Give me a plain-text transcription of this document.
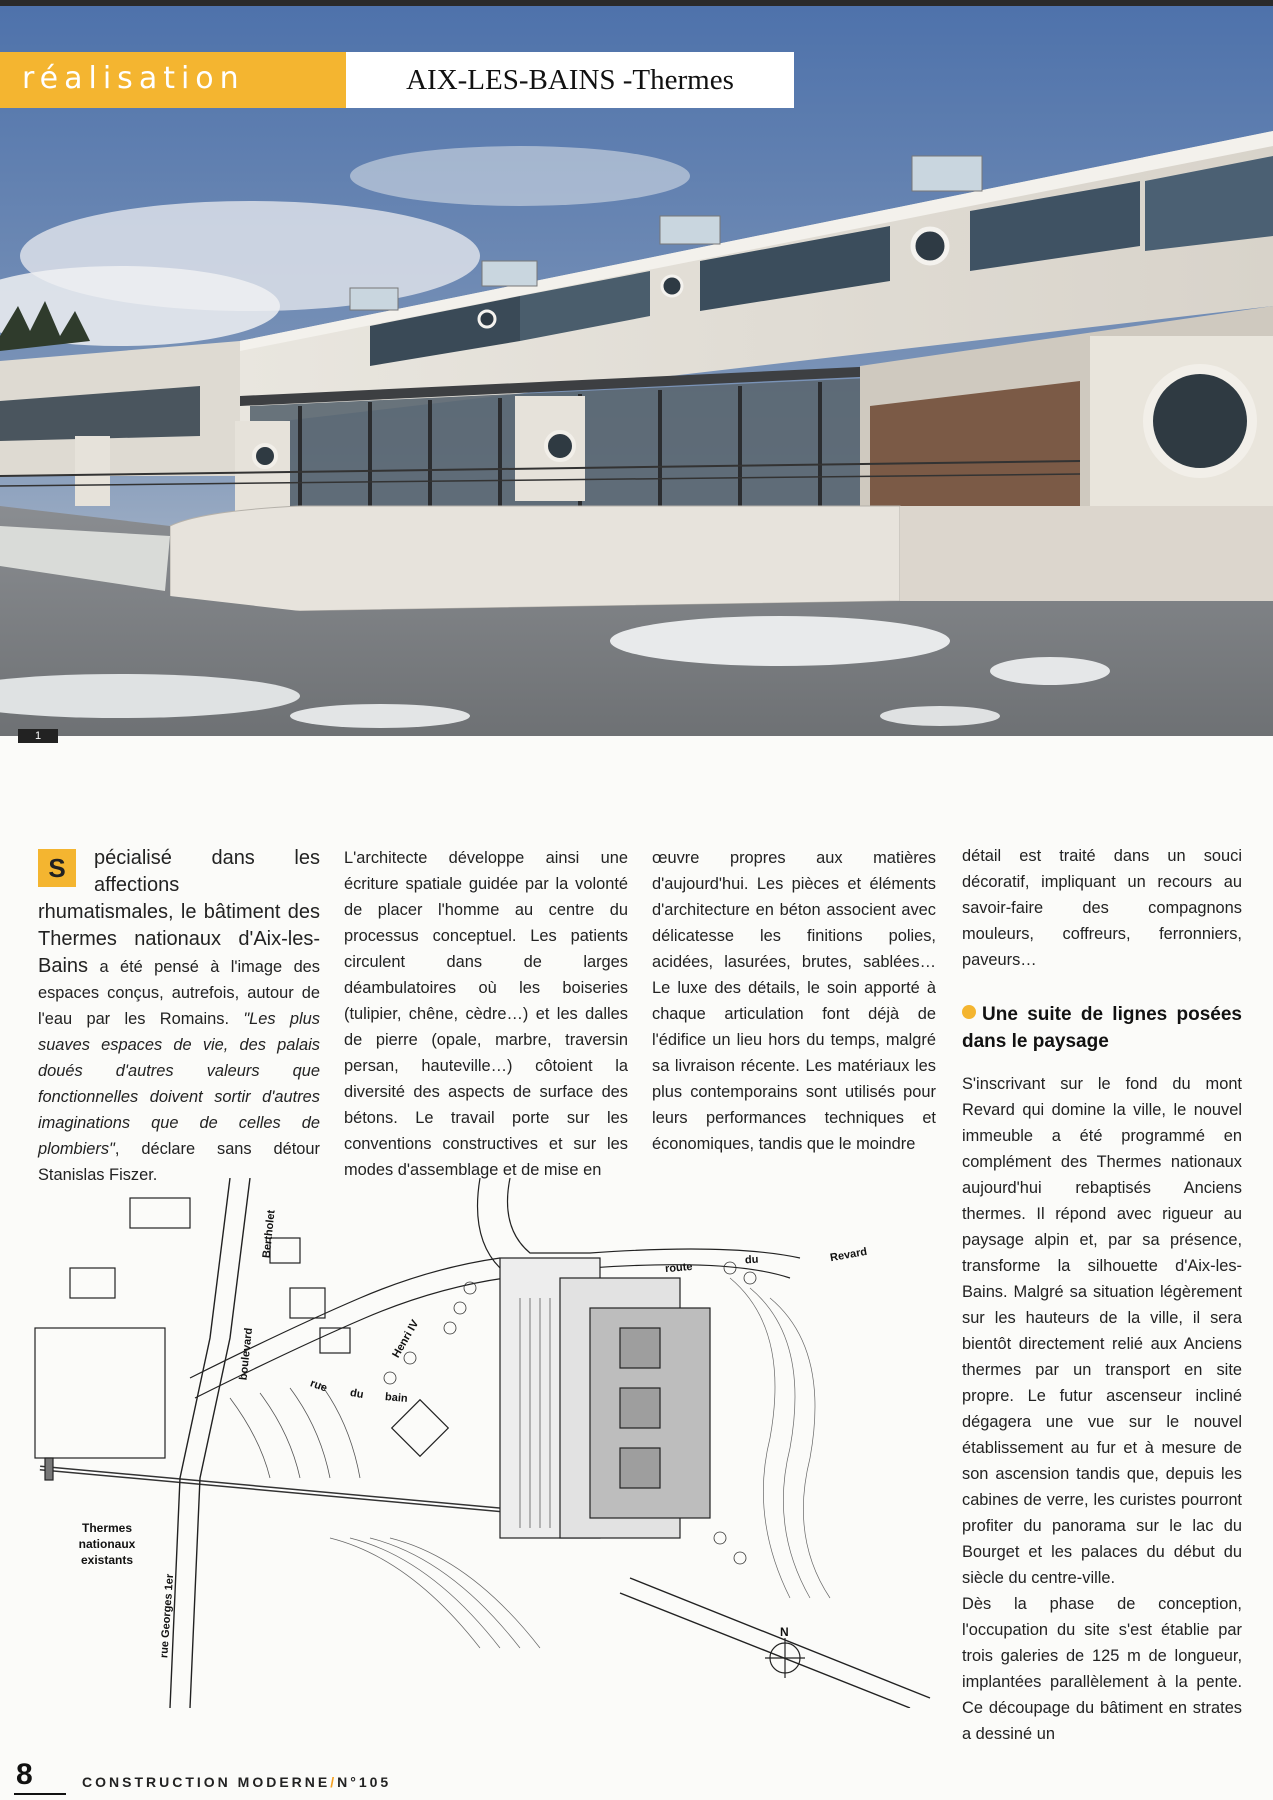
réalisation	AIX-LES-BAINS -Thermes
1

S	pécialisé dans les affections rhumatismales, le bâtiment des Thermes nationaux d'Aix-les-Bains a été pensé à l'image des espaces conçus, autrefois, autour de l'eau par les Romains. "Les plus suaves espaces de vie, des palais doués d'autres valeurs que fonctionnelles doivent sortir d'autres imaginations que de celles de plombiers", déclare sans détour Stanislas Fiszer.

L'architecte développe ainsi une écriture spatiale guidée par la volonté de placer l'homme au centre du processus conceptuel. Les patients circulent dans de larges déambulatoires où les boiseries (tulipier, chêne, cèdre…) et les dalles de pierre (opale, marbre, traversin persan, hauteville…) côtoient la diversité des aspects de surface des bétons. Le travail porte sur les conventions constructives et sur les modes d'assemblage et de mise en

œuvre propres aux matières d'aujourd'hui. Les pièces et éléments d'architecture en béton associent avec délicatesse les finitions polies, acidées, lasurées, brutes, sablées… Le luxe des détails, le soin apporté à chaque articulation font déjà de l'édifice un lieu hors du temps, malgré sa livraison récente. Les matériaux les plus contemporains sont utilisés pour leurs performances techniques et économiques, tandis que le moindre

détail est traité dans un souci décoratif, impliquant un recours au savoir-faire des compagnons mouleurs, coffreurs, ferronniers, paveurs…

Une suite de lignes posées dans le paysage

S'inscrivant sur le fond du mont Revard qui domine la ville, le nouvel immeuble a été programmé en complément des Thermes nationaux aujourd'hui rebaptisés Anciens thermes. Il répond avec rigueur au paysage alpin et, par sa présence, transforme la silhouette d'Aix-les-Bains. Malgré sa situation légèrement sur les hauteurs de la ville, il sera bientôt directement relié aux Anciens thermes par un transport en site propre. Le futur ascenseur incliné dégagera une vue sur le nouvel établissement au fur et à mesure de son ascension tandis que, depuis les cabines de verre, les curistes pourront profiter du panorama sur le lac du Bourget et les palaces du début du siècle du centre-ville.

Dès la phase de conception, l'occupation du site s'est établie par trois galeries de 125 m de longueur, implantées parallèlement à la pente. Ce découpage du bâtiment en strates a dessiné un

Thermes nationaux existants
Bertholet
boulevard
rue du bain
Henri IV
route
du	Revard
rue Georges 1er	N
8	CONSTRUCTION MODERNE/N°105
